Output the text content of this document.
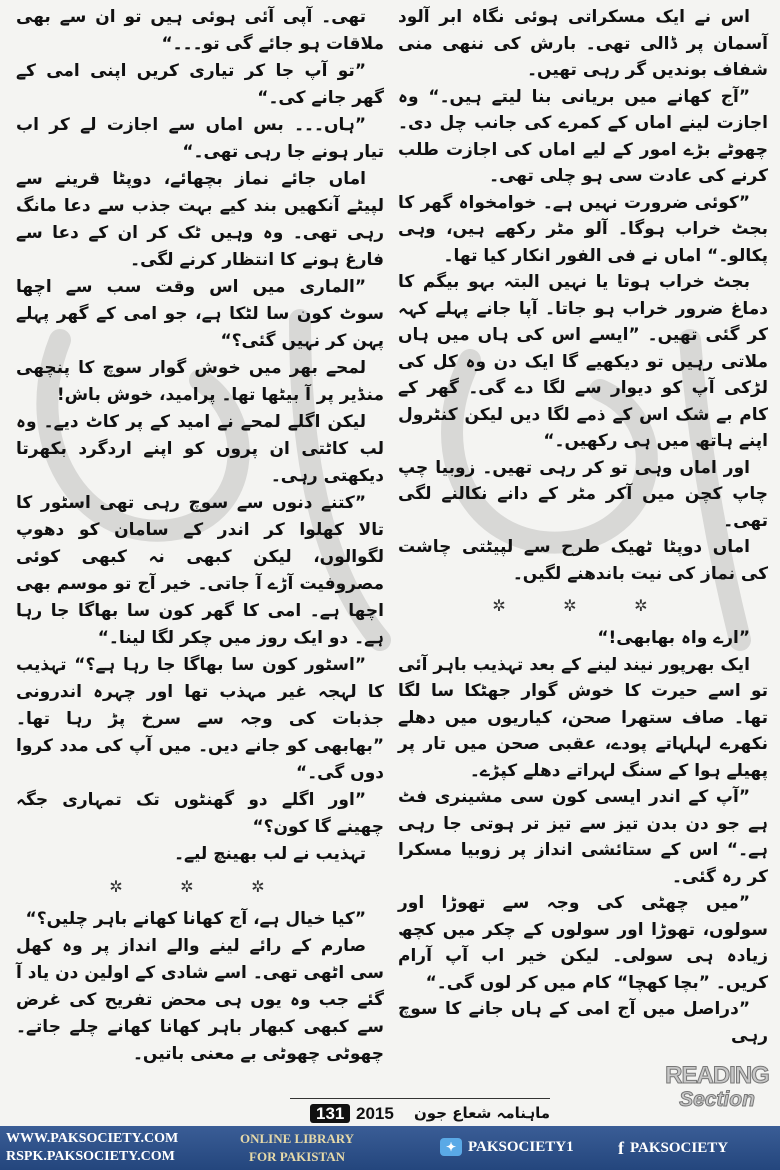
اس نے ایک مسکراتی ہوئی نگاہ ابر آلود آسمان پر ڈالی تھی۔ بارش کی ننھی منی شفاف بوندیں گر رہی تھیں۔

”آج کھانے میں بریانی بنا لیتے ہیں۔“ وہ اجازت لینے اماں کے کمرے کی جانب چل دی۔ چھوٹے بڑے امور کے لیے اماں کی اجازت طلب کرنے کی عادت سی ہو چلی تھی۔

”کوئی ضرورت نہیں ہے۔ خوامخواہ گھر کا بجٹ خراب ہوگا۔ آلو مٹر رکھے ہیں، وہی پکالو۔“ اماں نے فی الفور انکار کیا تھا۔

بجٹ خراب ہوتا یا نہیں البتہ بہو بیگم کا دماغ ضرور خراب ہو جاتا۔ آپا جانے پہلے کہہ کر گئی تھیں۔ ”ایسے اس کی ہاں میں ہاں ملاتی رہیں تو دیکھیے گا ایک دن وہ کل کی لڑکی آپ کو دیوار سے لگا دے گی۔ گھر کے کام بے شک اس کے ذمے لگا دیں لیکن کنٹرول اپنے ہاتھ میں ہی رکھیں۔“

اور اماں وہی تو کر رہی تھیں۔ زوبیا چپ چاپ کچن میں آکر مٹر کے دانے نکالنے لگی تھی۔

اماں دوپٹا ٹھیک طرح سے لپیٹتی چاشت کی نماز کی نیت باندھنے لگیں۔

✲ ✲ ✲

”ارے واہ بھابھی!“

ایک بھرپور نیند لینے کے بعد تہذیب باہر آئی تو اسے حیرت کا خوش گوار جھٹکا سا لگا تھا۔ صاف ستھرا صحن، کیاریوں میں دھلے نکھرے لہلہاتے پودے، عقبی صحن میں تار پر پھیلے ہوا کے سنگ لہراتے دھلے کپڑے۔

”آپ کے اندر ایسی کون سی مشینری فٹ ہے جو دن بدن تیز سے تیز تر ہوتی جا رہی ہے۔“ اس کے ستائشی انداز پر زوبیا مسکرا کر رہ گئی۔

”میں چھٹی کی وجہ سے تھوڑا اور سولوں، تھوڑا اور سولوں کے چکر میں کچھ زیادہ ہی سولی۔ لیکن خیر اب آپ آرام کریں۔ ”بچا کھچا“ کام میں کر لوں گی۔“

”دراصل میں آج امی کے ہاں جانے کا سوچ رہی

تھی۔ آپی آئی ہوئی ہیں تو ان سے بھی ملاقات ہو جائے گی تو۔۔۔“

”تو آپ جا کر تیاری کریں اپنی امی کے گھر جانے کی۔“

”ہاں۔۔۔ بس اماں سے اجازت لے کر اب تیار ہونے جا رہی تھی۔“

اماں جائے نماز بچھائے، دوپٹا قرینے سے لپیٹے آنکھیں بند کیے بہت جذب سے دعا مانگ رہی تھی۔ وہ وہیں ٹک کر ان کے دعا سے فارغ ہونے کا انتظار کرنے لگی۔

”الماری میں اس وقت سب سے اچھا سوٹ کون سا لٹکا ہے، جو امی کے گھر پہلے پہن کر نہیں گئی؟“

لمحے بھر میں خوش گوار سوچ کا پنچھی منڈیر پر آ بیٹھا تھا۔ پرامید، خوش باش!

لیکن اگلے لمحے نے امید کے پر کاٹ دیے۔ وہ لب کاٹتی ان پروں کو اپنے اردگرد بکھرتا دیکھتی رہی۔

”کتنے دنوں سے سوچ رہی تھی اسٹور کا تالا کھلوا کر اندر کے سامان کو دھوپ لگوالوں، لیکن کبھی نہ کبھی کوئی مصروفیت آڑے آ جاتی۔ خیر آج تو موسم بھی اچھا ہے۔ امی کا گھر کون سا بھاگا جا رہا ہے۔ دو ایک روز میں چکر لگا لینا۔“

”اسٹور کون سا بھاگا جا رہا ہے؟“ تہذیب کا لہجہ غیر مہذب تھا اور چہرہ اندرونی جذبات کی وجہ سے سرخ پڑ رہا تھا۔ ”بھابھی کو جانے دیں۔ میں آپ کی مدد کروا دوں گی۔“

”اور اگلے دو گھنٹوں تک تمہاری جگہ چھینے گا کون؟“

تہذیب نے لب بھینچ لیے۔

✲ ✲ ✲

”کیا خیال ہے، آج کھانا کھانے باہر چلیں؟“

صارم کے رائے لینے والے انداز پر وہ کھل سی اٹھی تھی۔ اسے شادی کے اولین دن یاد آ گئے جب وہ یوں ہی محض تفریح کی غرض سے کبھی کبھار باہر کھانا کھانے چلے جاتے۔ چھوٹی چھوٹی بے معنی باتیں۔

READING
Section
131 2015 ماہنامہ شعاع جون
WWW.PAKSOCIETY.COM
RSPK.PAKSOCIETY.COM
ONLINE LIBRARY
FOR PAKISTAN
✦ PAKSOCIETY1 f PAKSOCIETY
